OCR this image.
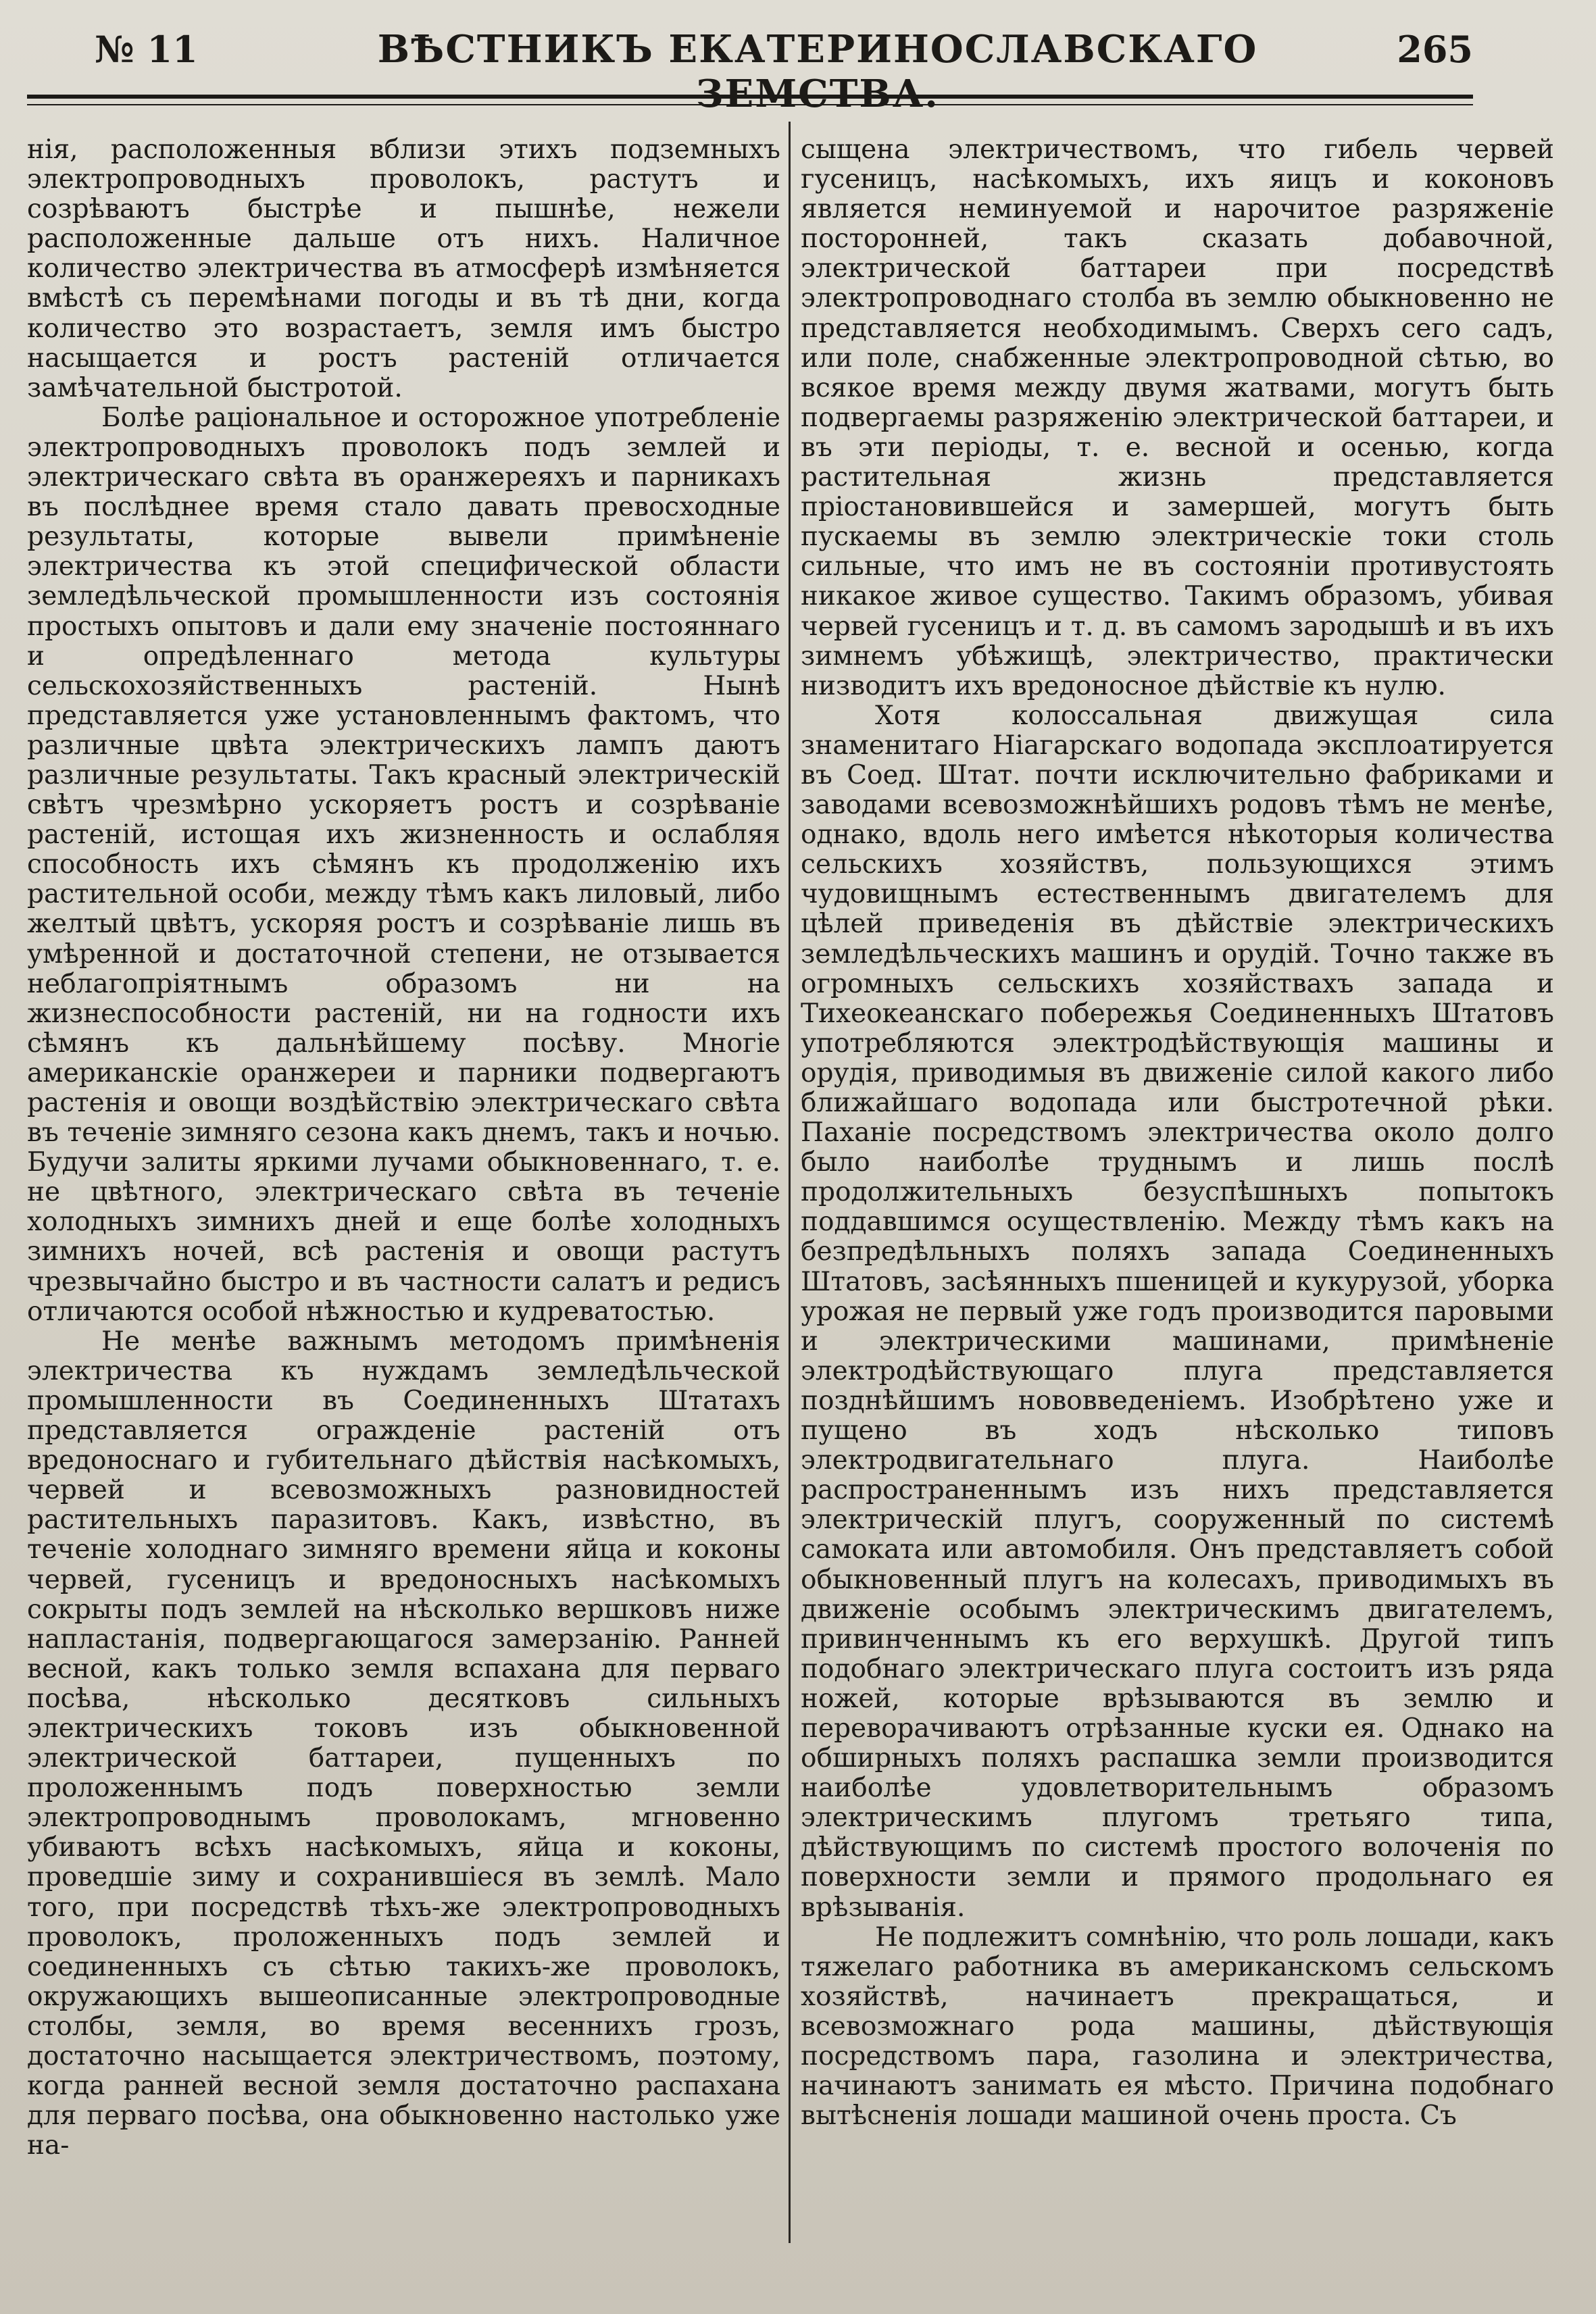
№ 11	ВѢСТНИКЪ ЕКАТЕРИНОСЛАВСКАГО ЗЕМСТВА.
265

нія, расположенныя вблизи этихъ подземныхъ электропроводныхъ проволокъ, растутъ и созрѣваютъ быстрѣе и пышнѣе, нежели расположенные дальше отъ нихъ. Наличное количество электричества въ атмосферѣ измѣняется вмѣстѣ съ перемѣнами погоды и въ тѣ дни, когда количество это возрастаетъ, земля имъ быстро насыщается и ростъ растеній отличается замѣчательной быстротой.

Болѣе раціональное и осторожное употребленіе электропроводныхъ проволокъ подъ землей и электрическаго свѣта въ оранжереяхъ и парникахъ въ послѣднее время стало давать превосходные результаты, которые вывели примѣненіе электричества къ этой специфической области земледѣльческой промышленности изъ состоянія простыхъ опытовъ и дали ему значеніе постояннаго и опредѣленнаго метода культуры сельскохозяйственныхъ растеній. Нынѣ представляется уже установленнымъ фактомъ, что различные цвѣта электрическихъ лампъ даютъ различные результаты. Такъ красный электрическій свѣтъ чрезмѣрно ускоряетъ ростъ и созрѣваніе растеній, истощая ихъ жизненность и ослабляя способность ихъ сѣмянъ къ продолженію ихъ растительной особи, между тѣмъ какъ лиловый, либо желтый цвѣтъ, ускоряя ростъ и созрѣваніе лишь въ умѣренной и достаточной степени, не отзывается неблагопріятнымъ образомъ ни на жизнеспособности растеній, ни на годности ихъ сѣмянъ къ дальнѣйшему посѣву. Многіе американскіе оранжереи и парники подвергаютъ растенія и овощи воздѣйствію электрическаго свѣта въ теченіе зимняго сезона какъ днемъ, такъ и ночью. Будучи залиты яркими лучами обыкновеннаго, т. е. не цвѣтного, электрическаго свѣта въ теченіе холодныхъ зимнихъ дней и еще болѣе холодныхъ зимнихъ ночей, всѣ растенія и овощи растутъ чрезвычайно быстро и въ частности салатъ и редисъ отличаются особой нѣжностью и кудреватостью.

Не менѣе важнымъ методомъ примѣненія электричества къ нуждамъ земледѣльческой промышленности въ Соединенныхъ Штатахъ представляется огражденіе растеній отъ вредоноснаго и губительнаго дѣйствія насѣкомыхъ, червей и всевозможныхъ разновидностей растительныхъ паразитовъ. Какъ, извѣстно, въ теченіе холоднаго зимняго времени яйца и коконы червей, гусеницъ и вредоносныхъ насѣкомыхъ сокрыты подъ землей на нѣсколько вершковъ ниже напластанія, подвергающагося замерзанію. Ранней весной, какъ только земля вспахана для перваго посѣва, нѣсколько десятковъ сильныхъ электрическихъ токовъ изъ обыкновенной электрической баттареи, пущенныхъ по проложеннымъ подъ поверхностью земли электропроводнымъ проволокамъ, мгновенно убиваютъ всѣхъ насѣкомыхъ, яйца и коконы, проведшіе зиму и сохранившіеся въ землѣ. Мало того, при посредствѣ тѣхъ-же электропроводныхъ проволокъ, проложенныхъ подъ землей и соединенныхъ съ сѣтью такихъ-же проволокъ, окружающихъ вышеописанные электропроводные столбы, земля, во время весеннихъ грозъ, достаточно насыщается электричествомъ, поэтому, когда ранней весной земля достаточно распахана для перваго посѣва, она обыкновенно настолько уже на-

сыщена электричествомъ, что гибель червей гусеницъ, насѣкомыхъ, ихъ яицъ и коконовъ является неминуемой и нарочитое разряженіе посторонней, такъ сказать добавочной, электрической баттареи при посредствѣ электропроводнаго столба въ землю обыкновенно не представляется необходимымъ. Сверхъ сего садъ, или поле, снабженные электропроводной сѣтью, во всякое время между двумя жатвами, могутъ быть подвергаемы разряженію электрической баттареи, и въ эти періоды, т. е. весной и осенью, когда растительная жизнь представляется пріостановившейся и замершей, могутъ быть пускаемы въ землю электрическіе токи столь сильные, что имъ не въ состояніи противустоять никакое живое существо. Такимъ образомъ, убивая червей гусеницъ и т. д. въ самомъ зародышѣ и въ ихъ зимнемъ убѣжищѣ, электричество, практически низводитъ ихъ вредоносное дѣйствіе къ нулю.

Хотя колоссальная движущая сила знаменитаго Ніагарскаго водопада эксплоатируется въ Соед. Штат. почти исключительно фабриками и заводами всевозможнѣйшихъ родовъ тѣмъ не менѣе, однако, вдоль него имѣется нѣкоторыя количества сельскихъ хозяйствъ, пользующихся этимъ чудовищнымъ естественнымъ двигателемъ для цѣлей приведенія въ дѣйствіе электрическихъ земледѣльческихъ машинъ и орудій. Точно также въ огромныхъ сельскихъ хозяйствахъ запада и Тихеокеанскаго побережья Соединенныхъ Штатовъ употребляются электродѣйствующія машины и орудія, приводимыя въ движеніе силой какого либо ближайшаго водопада или быстротечной рѣки. Паханіе посредствомъ электричества около долго было наиболѣе труднымъ и лишь послѣ продолжительныхъ безуспѣшныхъ попытокъ поддавшимся осуществленію. Между тѣмъ какъ на безпредѣльныхъ поляхъ запада Соединенныхъ Штатовъ, засѣянныхъ пшеницей и кукурузой, уборка урожая не первый уже годъ производится паровыми и электрическими машинами, примѣненіе электродѣйствующаго плуга представляется позднѣйшимъ нововведеніемъ. Изобрѣтено уже и пущено въ ходъ нѣсколько типовъ электродвигательнаго плуга. Наиболѣе распространеннымъ изъ нихъ представляется электрическій плугъ, сооруженный по системѣ самоката или автомобиля. Онъ представляетъ собой обыкновенный плугъ на колесахъ, приводимыхъ въ движеніе особымъ электрическимъ двигателемъ, привинченнымъ къ его верхушкѣ. Другой типъ подобнаго электрическаго плуга состоитъ изъ ряда ножей, которые врѣзываются въ землю и переворачиваютъ отрѣзанные куски ея. Однако на обширныхъ поляхъ распашка земли производится наиболѣе удовлетворительнымъ образомъ электрическимъ плугомъ третьяго типа, дѣйствующимъ по системѣ простого волоченія по поверхности земли и прямого продольнаго ея врѣзыванія.

Не подлежитъ сомнѣнію, что роль лошади, какъ тяжелаго работника въ американскомъ сельскомъ хозяйствѣ, начинаетъ прекращаться, и всевозможнаго рода машины, дѣйствующія посредствомъ пара, газолина и электричества, начинаютъ занимать ея мѣсто. Причина подобнаго вытѣсненія лошади машиной очень проста. Съ
